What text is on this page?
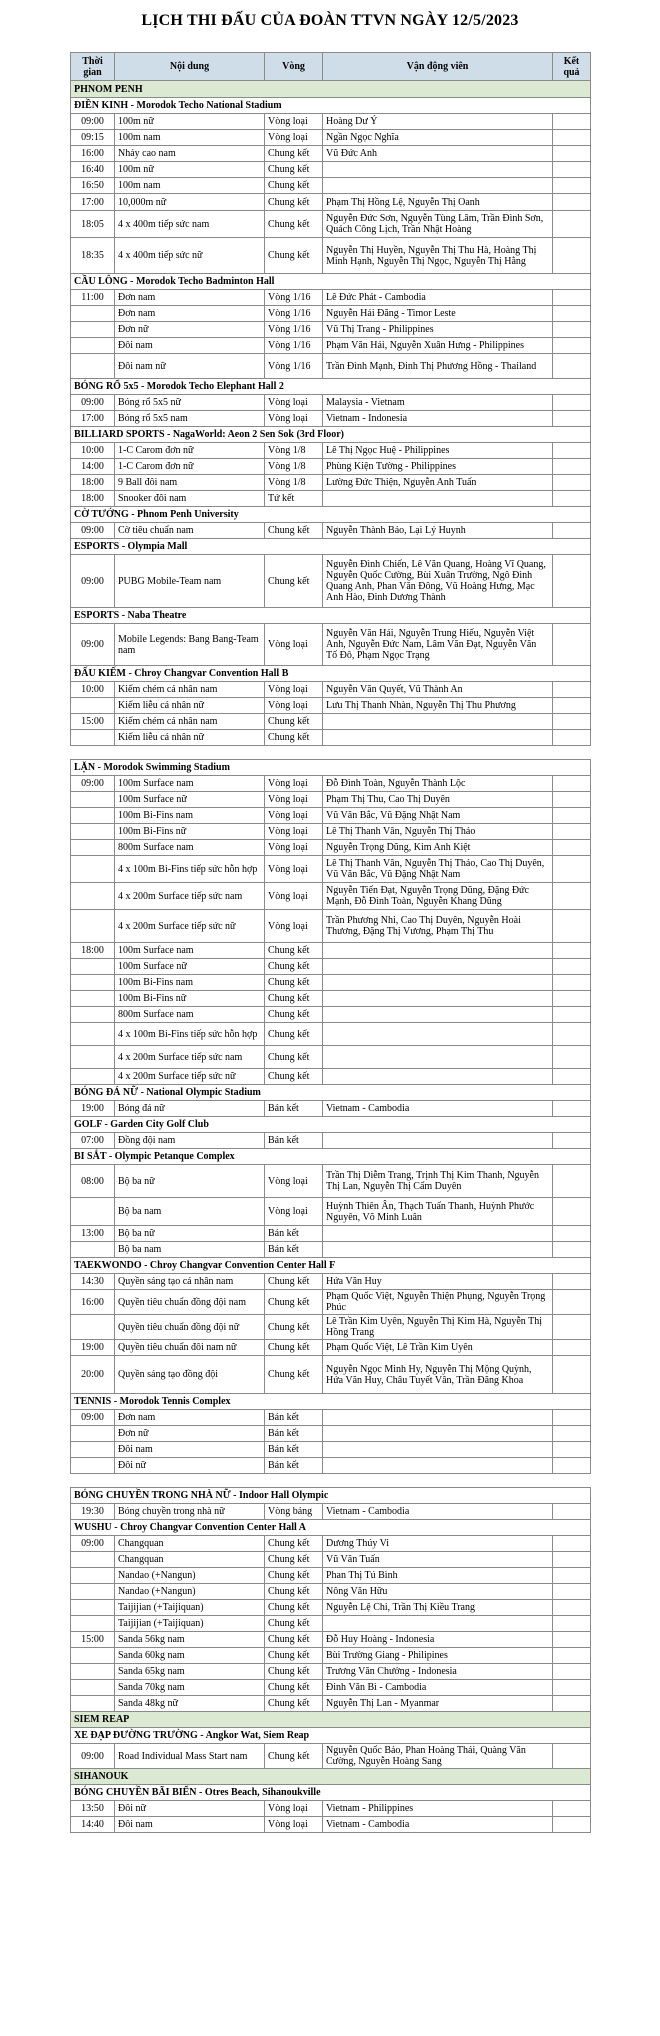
LỊCH THI ĐẤU CỦA ĐOÀN TTVN NGÀY 12/5/2023
Thời gian	Nội dung	Vòng	Vận động viên	Kết quả
PHNOM PENH				
ĐIỀN KINH - Morodok Techo National Stadium				
09:00	100m nữ	Vòng loại	Hoàng Dư Ý	
09:15	100m nam	Vòng loại	Ngần Ngọc Nghĩa	
16:00	Nhảy cao nam	Chung kết	Vũ Đức Anh	
16:40	100m nữ	Chung kết		
16:50	100m nam	Chung kết		
17:00	10,000m nữ	Chung kết	Phạm Thị Hồng Lệ, Nguyễn Thị Oanh	
18:05	4 x 400m tiếp sức nam	Chung kết	Nguyễn Đức Sơn, Nguyễn Tùng Lâm, Trần Đình Sơn, Quách Công Lịch, Trần Nhật Hoàng	
18:35	4 x 400m tiếp sức nữ	Chung kết	Nguyễn Thị Huyền, Nguyễn Thị Thu Hà, Hoàng Thị Minh Hạnh, Nguyễn Thị Ngọc, Nguyễn Thị Hằng	
CẦU LÔNG - Morodok Techo Badminton Hall				
11:00	Đơn nam	Vòng 1/16	Lê Đức Phát - Cambodia	
	Đơn nam	Vòng 1/16	Nguyễn Hải Đăng - Timor Leste	
	Đơn nữ	Vòng 1/16	Vũ Thị Trang - Philippines	
	Đôi nam	Vòng 1/16	Phạm Văn Hải, Nguyễn Xuân Hưng - Philippines	
	Đôi nam nữ	Vòng 1/16	Trần Đình Mạnh, Đinh Thị Phương Hồng - Thailand	
BÓNG RỔ 5x5 - Morodok Techo Elephant Hall 2				
09:00	Bóng rổ 5x5 nữ	Vòng loại	Malaysia - Vietnam	
17:00	Bóng rổ 5x5 nam	Vòng loại	Vietnam - Indonesia	
BILLIARD SPORTS - NagaWorld: Aeon 2 Sen Sok (3rd Floor)				
10:00	1-C Carom đơn nữ	Vòng 1/8	Lê Thị Ngọc Huệ - Philippines	
14:00	1-C Carom đơn nữ	Vòng 1/8	Phùng Kiện Tường - Philippines	
18:00	9 Ball đôi nam	Vòng 1/8	Lường Đức Thiện, Nguyễn Anh Tuấn	
18:00	Snooker đôi nam	Tứ kết		
CỜ TƯỚNG - Phnom Penh University				
09:00	Cờ tiêu chuẩn nam	Chung kết	Nguyễn Thành Bảo, Lại Lý Huynh	
ESPORTS - Olympia Mall				
09:00	PUBG Mobile-Team nam	Chung kết	Nguyễn Đình Chiến, Lê Văn Quang, Hoàng Vĩ Quang, Nguyễn Quốc Cường, Bùi Xuân Trường, Ngô Đình Quang Anh, Phan Văn Đông, Vũ Hoàng Hưng, Mạc Anh Hào, Đinh Dương Thành	
ESPORTS - Naba Theatre				
09:00	Mobile Legends: Bang Bang-Team nam	Vòng loại	Nguyễn Văn Hải, Nguyễn Trung Hiếu, Nguyễn Việt Anh, Nguyễn Đức Nam, Lâm Văn Đạt, Nguyễn Văn Tố Đô, Phạm Ngọc Trạng	
ĐẤU KIẾM - Chroy Changvar Convention Hall B				
10:00	Kiếm chém cá nhân nam	Vòng loại	Nguyễn Văn Quyết, Vũ Thành An	
	Kiếm liễu cá nhân nữ	Vòng loại	Lưu Thị Thanh Nhàn, Nguyễn Thị Thu Phương	
15:00	Kiếm chém cá nhân nam	Chung kết		
	Kiếm liễu cá nhân nữ	Chung kết		

LẶN - Morodok Swimming Stadium				
09:00	100m Surface nam	Vòng loại	Đỗ Đình Toàn, Nguyễn Thành Lộc	
	100m Surface nữ	Vòng loại	Phạm Thị Thu, Cao Thị Duyên	
	100m Bi-Fins nam	Vòng loại	Vũ Văn Bắc, Vũ Đặng Nhật Nam	
	100m Bi-Fins nữ	Vòng loại	Lê Thị Thanh Vân, Nguyễn Thị Thảo	
	800m Surface nam	Vòng loại	Nguyễn Trọng Dũng, Kim Anh Kiệt	
	4 x 100m Bi-Fins tiếp sức hỗn hợp	Vòng loại	Lê Thị Thanh Vân, Nguyễn Thị Thảo, Cao Thị Duyên, Vũ Văn Bắc, Vũ Đặng Nhật Nam	
	4 x 200m Surface tiếp sức nam	Vòng loại	Nguyễn Tiến Đạt, Nguyễn Trọng Dũng, Đặng Đức Mạnh, Đỗ Đình Toàn, Nguyễn Khang Dũng	
	4 x 200m Surface tiếp sức nữ	Vòng loại	Trần Phương Nhi, Cao Thị Duyên, Nguyễn Hoài Thương, Đặng Thị Vương, Phạm Thị Thu	
18:00	100m Surface nam	Chung kết		
	100m Surface nữ	Chung kết		
	100m Bi-Fins nam	Chung kết		
	100m Bi-Fins nữ	Chung kết		
	800m Surface nam	Chung kết		
	4 x 100m Bi-Fins tiếp sức hỗn hợp	Chung kết		
	4 x 200m Surface tiếp sức nam	Chung kết		
	4 x 200m Surface tiếp sức nữ	Chung kết		
BÓNG ĐÁ NỮ - National Olympic Stadium				
19:00	Bóng đá nữ	Bán kết	Vietnam - Cambodia	
GOLF - Garden City Golf Club				
07:00	Đồng đội nam	Bán kết		
BI SẮT - Olympic Petanque Complex				
08:00	Bộ ba nữ	Vòng loại	Trần Thị Diễm Trang, Trịnh Thị Kim Thanh, Nguyễn Thị Lan, Nguyễn Thị Cẩm Duyên	
	Bộ ba nam	Vòng loại	Huỳnh Thiên Ân, Thạch Tuấn Thanh, Huỳnh Phước Nguyên, Võ Minh Luân	
13:00	Bộ ba nữ	Bán kết		
	Bộ ba nam	Bán kết		
TAEKWONDO - Chroy Changvar Convention Center Hall F				
14:30	Quyền sáng tạo cá nhân nam	Chung kết	Hứa Văn Huy	
16:00	Quyền tiêu chuẩn đồng đội nam	Chung kết	Phạm Quốc Việt, Nguyễn Thiện Phụng, Nguyễn Trọng Phúc	
	Quyền tiêu chuẩn đồng đội nữ	Chung kết	Lê Trần Kim Uyên, Nguyễn Thị Kim Hà, Nguyễn Thị Hồng Trang	
19:00	Quyền tiêu chuẩn đôi nam nữ	Chung kết	Phạm Quốc Việt, Lê Trần Kim Uyên	
20:00	Quyền sáng tạo đồng đội	Chung kết	Nguyễn Ngọc Minh Hy, Nguyễn Thị Mộng Quỳnh, Hứa Văn Huy, Châu Tuyết Vân, Trần Đăng Khoa	
TENNIS - Morodok Tennis Complex				
09:00	Đơn nam	Bán kết		
	Đơn nữ	Bán kết		
	Đôi nam	Bán kết		
	Đôi nữ	Bán kết		

BÓNG CHUYỀN TRONG NHÀ NỮ - Indoor Hall Olympic				
19:30	Bóng chuyền trong nhà nữ	Vòng bảng	Vietnam - Cambodia	
WUSHU - Chroy Changvar Convention Center Hall A				
09:00	Changquan	Chung kết	Dương Thúy Vi	
	Changquan	Chung kết	Vũ Văn Tuấn	
	Nandao (+Nangun)	Chung kết	Phan Thị Tú Bình	
	Nandao (+Nangun)	Chung kết	Nông Văn Hữu	
	Taijijian (+Taijiquan)	Chung kết	Nguyễn Lệ Chi, Trần Thị Kiều Trang	
	Taijijian (+Taijiquan)	Chung kết		
15:00	Sanda 56kg nam	Chung kết	Đỗ Huy Hoàng - Indonesia	
	Sanda 60kg nam	Chung kết	Bùi Trường Giang - Philipines	
	Sanda 65kg nam	Chung kết	Trương Văn Chưởng - Indonesia	
	Sanda 70kg nam	Chung kết	Đinh Văn Bì - Cambodia	
	Sanda 48kg nữ	Chung kết	Nguyễn Thị Lan - Myanmar	
SIEM REAP				
XE ĐẠP ĐƯỜNG TRƯỜNG - Angkor Wat, Siem Reap				
09:00	Road Individual Mass Start nam	Chung kết	Nguyễn Quốc Bảo, Phan Hoàng Thái, Quàng Văn Cường, Nguyễn Hoàng Sang	
SIHANOUK				
BÓNG CHUYỀN BÃI BIỂN - Otres Beach, Sihanoukville				
13:50	Đôi nữ	Vòng loại	Vietnam - Philippines	
14:40	Đôi nam	Vòng loại	Vietnam - Cambodia	
